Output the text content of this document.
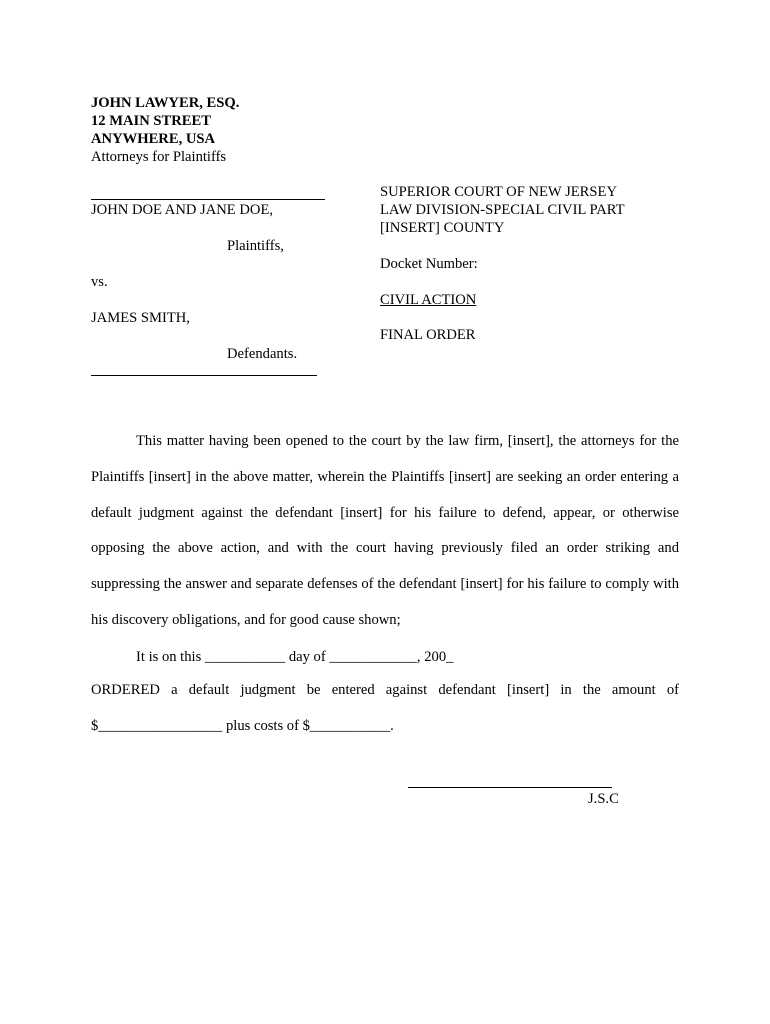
JOHN LAWYER, ESQ.
12 MAIN STREET
ANYWHERE, USA
Attorneys for Plaintiffs
JOHN DOE AND JANE DOE,
Plaintiffs,
vs.
JAMES SMITH,
Defendants.
SUPERIOR COURT OF NEW JERSEY
LAW DIVISION-SPECIAL CIVIL PART
[INSERT] COUNTY
Docket Number:
CIVIL ACTION
FINAL ORDER

This matter having been opened to the court by the law firm, [insert], the attorneys for the Plaintiffs [insert] in the above matter, wherein the Plaintiffs [insert] are seeking an order entering a default judgment against the defendant [insert] for his failure to defend, appear, or otherwise opposing the above action, and with the court having previously filed an order striking and suppressing the answer and separate defenses of the defendant [insert] for his failure to comply with his discovery obligations, and for good cause shown;

It is on this ___________ day of ____________, 200_

ORDERED a default judgment be entered against defendant [insert] in the amount of $_________________ plus costs of $___________.

J.S.C
